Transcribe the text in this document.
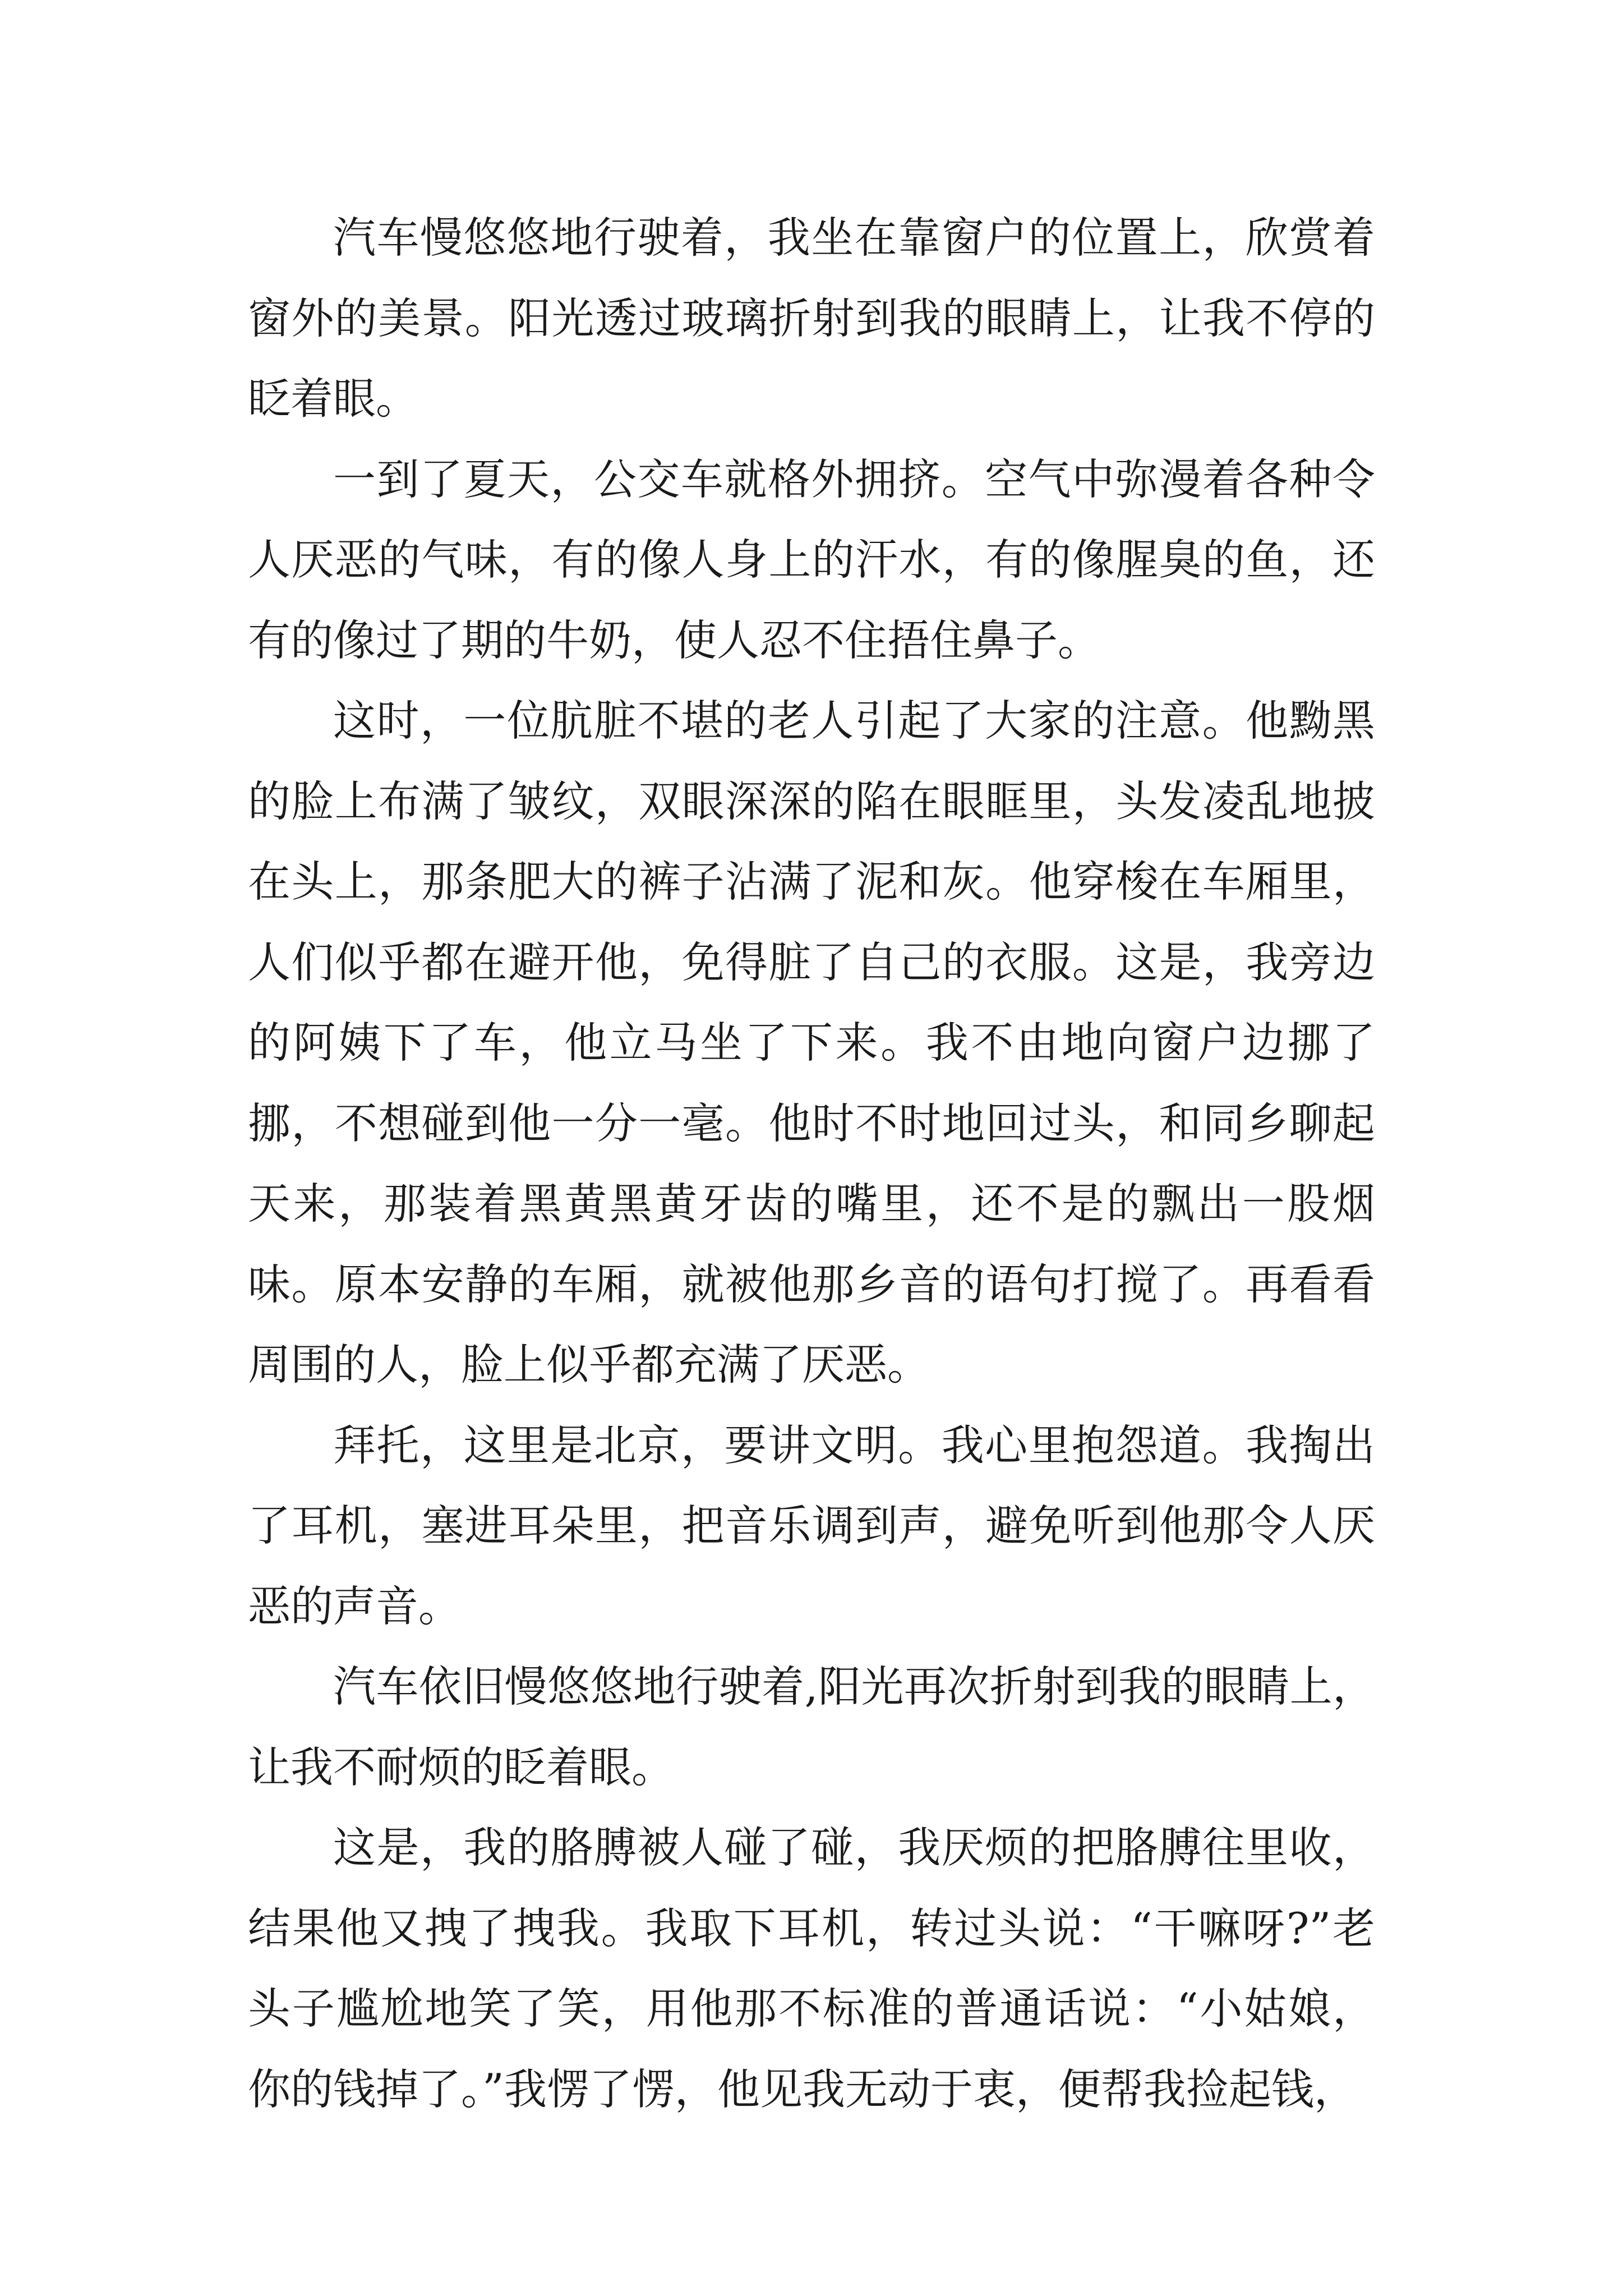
汽车慢悠悠地行驶着，我坐在靠窗户的位置上，欣赏着窗外的美景。阳光透过玻璃折射到我的眼睛上，让我不停的眨着眼。

一到了夏天，公交车就格外拥挤。空气中弥漫着各种令人厌恶的气味，有的像人身上的汗水，有的像腥臭的鱼，还有的像过了期的牛奶，使人忍不住捂住鼻子。

这时，一位肮脏不堪的老人引起了大家的注意。他黝黑的脸上布满了皱纹，双眼深深的陷在眼眶里，头发凌乱地披在头上，那条肥大的裤子沾满了泥和灰。他穿梭在车厢里，人们似乎都在避开他，免得脏了自己的衣服。这是，我旁边的阿姨下了车，他立马坐了下来。我不由地向窗户边挪了挪，不想碰到他一分一毫。他时不时地回过头，和同乡聊起天来，那装着黑黄黑黄牙齿的嘴里，还不是的飘出一股烟味。原本安静的车厢，就被他那乡音的语句打搅了。再看看周围的人，脸上似乎都充满了厌恶。

拜托，这里是北京，要讲文明。我心里抱怨道。我掏出了耳机，塞进耳朵里，把音乐调到声，避免听到他那令人厌恶的声音。

汽车依旧慢悠悠地行驶着,阳光再次折射到我的眼睛上，让我不耐烦的眨着眼。

这是，我的胳膊被人碰了碰，我厌烦的把胳膊往里收，结果他又拽了拽我。我取下耳机，转过头说：“干嘛呀?”老头子尴尬地笑了笑，用他那不标准的普通话说：“小姑娘，你的钱掉了。”我愣了愣，他见我无动于衷，便帮我捡起钱，
